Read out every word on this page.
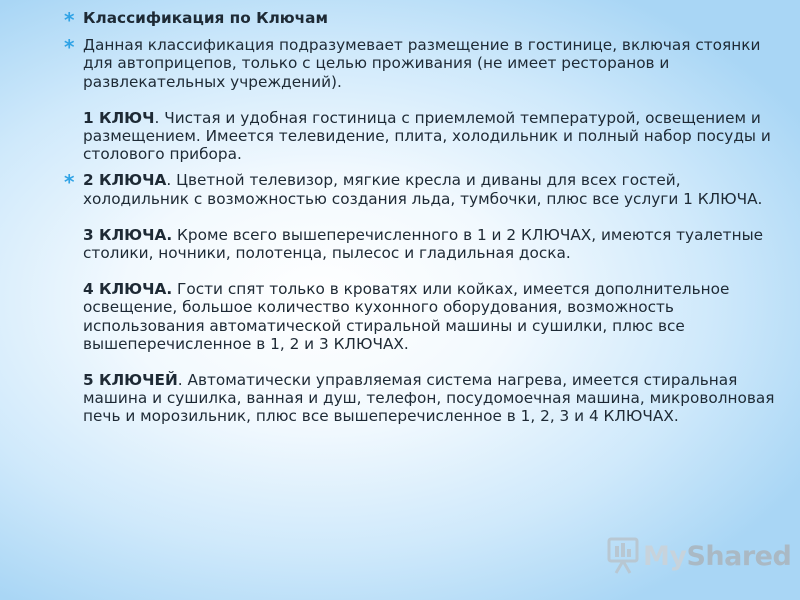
* Классификация по Ключам
* Данная классификация подразумевает размещение в гостинице, включая стоянки для автоприцепов, только с целью проживания (не имеет ресторанов и развлекательных учреждений).

1 КЛЮЧ. Чистая и удобная гостиница с приемлемой температурой, освещением и размещением. Имеется телевидение, плита, холодильник и полный набор посуды и столового прибора.

* 2 КЛЮЧА. Цветной телевизор, мягкие кресла и диваны для всех гостей, холодильник с возможностью создания льда, тумбочки, плюс все услуги 1 КЛЮЧА.

3 КЛЮЧА. Кроме всего вышеперечисленного в 1 и 2 КЛЮЧАХ, имеются туалетные столики, ночники, полотенца, пылесос и гладильная доска.

4 КЛЮЧА. Гости спят только в кроватях или койках, имеется дополнительное освещение, большое количество кухонного оборудования, возможность использования автоматической стиральной машины и сушилки, плюс все вышеперечисленное в 1, 2 и 3 КЛЮЧАХ.

5 КЛЮЧЕЙ. Автоматически управляемая система нагрева, имеется стиральная машина и сушилка, ванная и душ, телефон, посудомоечная машина, микроволновая печь и морозильник, плюс все вышеперечисленное в 1, 2, 3 и 4 КЛЮЧАХ.

MyShared
